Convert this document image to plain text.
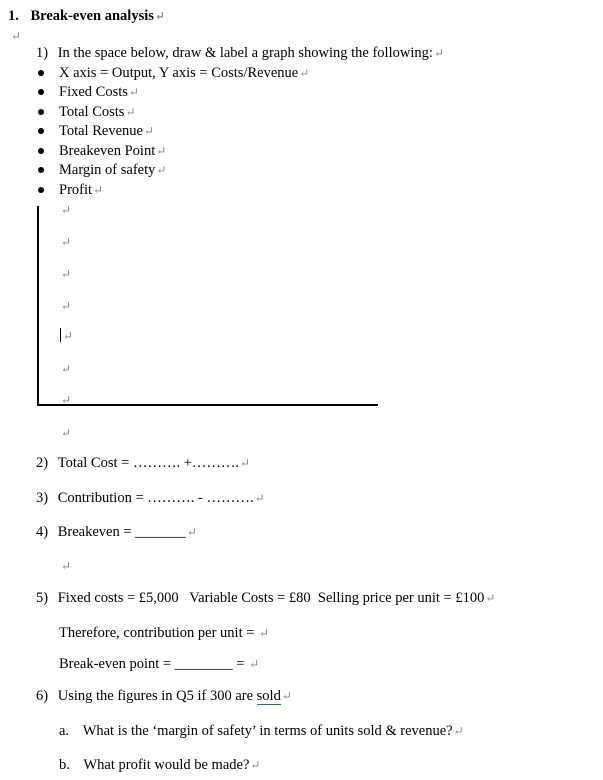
1. Break-even analysis↵
↵
1) In the space below, draw & label a graph showing the following:↵
X axis = Output, Y axis = Costs/Revenue↵
Fixed Costs↵
Total Costs↵
Total Revenue↵
Breakeven Point↵
Margin of safety↵
Profit↵
↵
↵
↵
↵
↵
↵
↵
↵
2) Total Cost = ………. +……….↵
3) Contribution = ………. - ……….↵
4) Breakeven = _______↵
↵
5) Fixed costs = £5,000   Variable Costs = £80  Selling price per unit = £100↵
Therefore, contribution per unit = ↵
Break-even point = ________ = ↵
6) Using the figures in Q5 if 300 are sold↵
a. What is the ‘margin of safety’ in terms of units sold & revenue?↵
b. What profit would be made?↵
